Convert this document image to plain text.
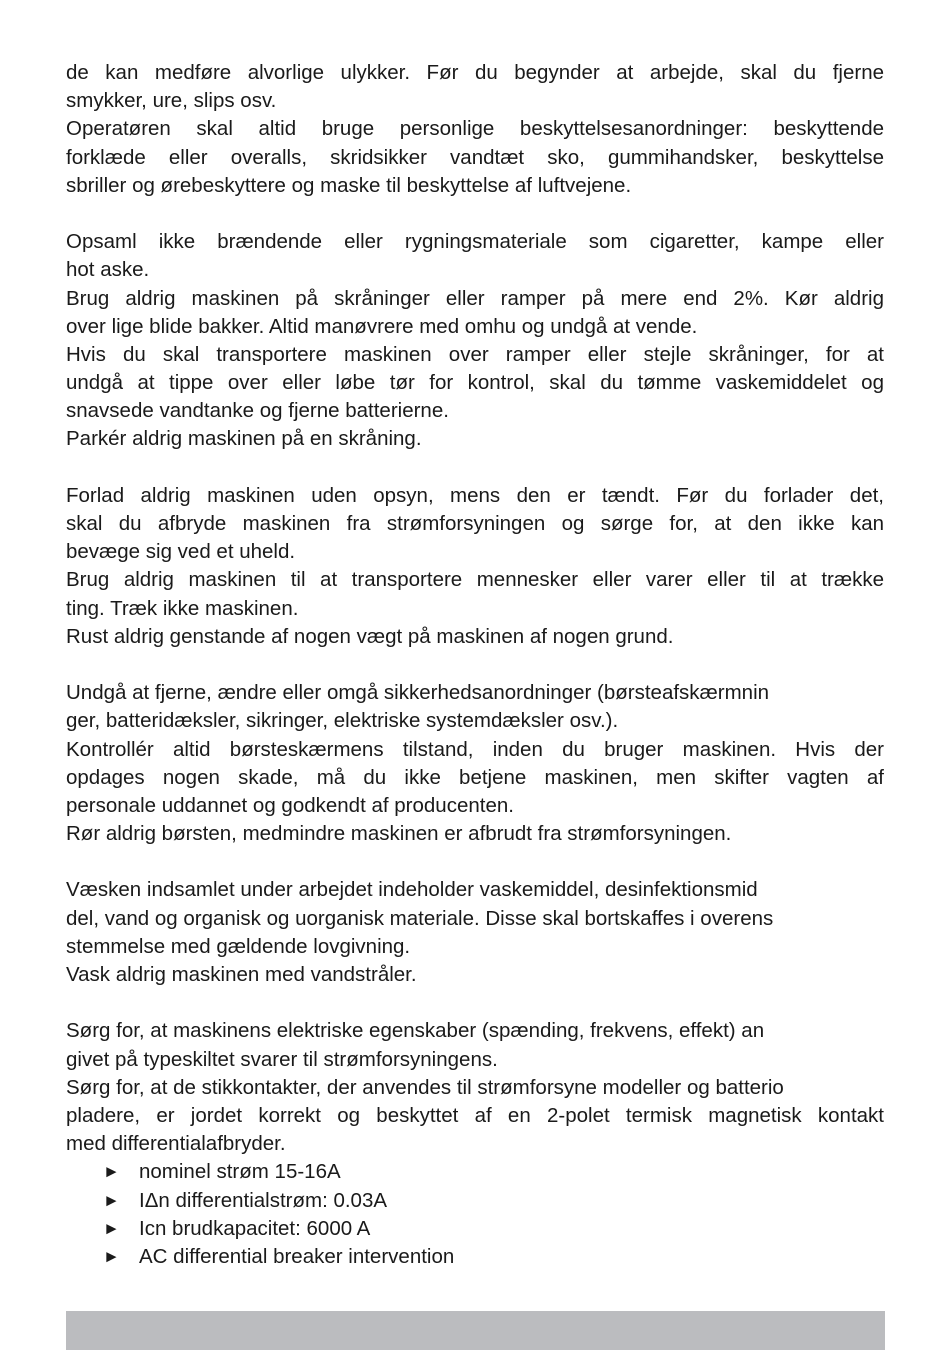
de kan medføre alvorlige ulykker. Før du begynder at arbejde, skal du fjerne
smykker, ure, slips osv.
Operatøren skal altid bruge personlige beskyttelsesanordninger: beskyttende
forklæde eller overalls, skridsikker vandtæt sko, gummihandsker, beskyttelse
sbriller og ørebeskyttere og maske til beskyttelse af luftvejene.
Opsaml ikke brændende eller rygningsmateriale som cigaretter, kampe eller
hot aske.
Brug aldrig maskinen på skråninger eller ramper på mere end 2%. Kør aldrig
over lige blide bakker. Altid manøvrere med omhu og undgå at vende.
Hvis du skal transportere maskinen over ramper eller stejle skråninger, for at
undgå at tippe over eller løbe tør for kontrol, skal du tømme vaskemiddelet og
snavsede vandtanke og fjerne batterierne.
Parkér aldrig maskinen på en skråning.
Forlad aldrig maskinen uden opsyn, mens den er tændt. Før du forlader det,
skal du afbryde maskinen fra strømforsyningen og sørge for, at den ikke kan
bevæge sig ved et uheld.
Brug aldrig maskinen til at transportere mennesker eller varer eller til at trække
ting. Træk ikke maskinen.
Rust aldrig genstande af nogen vægt på maskinen af nogen grund.
Undgå at fjerne, ændre eller omgå sikkerhedsanordninger (børsteafskærmnin
ger, batteridæksler, sikringer, elektriske systemdæksler osv.).
Kontrollér altid børsteskærmens tilstand, inden du bruger maskinen. Hvis der
opdages nogen skade, må du ikke betjene maskinen, men skifter vagten af
personale uddannet og godkendt af producenten.
Rør aldrig børsten, medmindre maskinen er afbrudt fra strømforsyningen.
Væsken indsamlet under arbejdet indeholder vaskemiddel, desinfektionsmid
del, vand og organisk og uorganisk materiale. Disse skal bortskaffes i overens
stemmelse med gældende lovgivning.
Vask aldrig maskinen med vandstråler.
Sørg for, at maskinens elektriske egenskaber (spænding, frekvens, effekt) an
givet på typeskiltet svarer til strømforsyningens.
Sørg for, at de stikkontakter, der anvendes til strømforsyne modeller og batterio
pladere, er jordet korrekt og beskyttet af en 2-polet termisk magnetisk kontakt
med differentialafbryder.
► nominel strøm 15-16A
► IΔn differentialstrøm: 0.03A
► Icn brudkapacitet: 6000 A
► AC differential breaker intervention
